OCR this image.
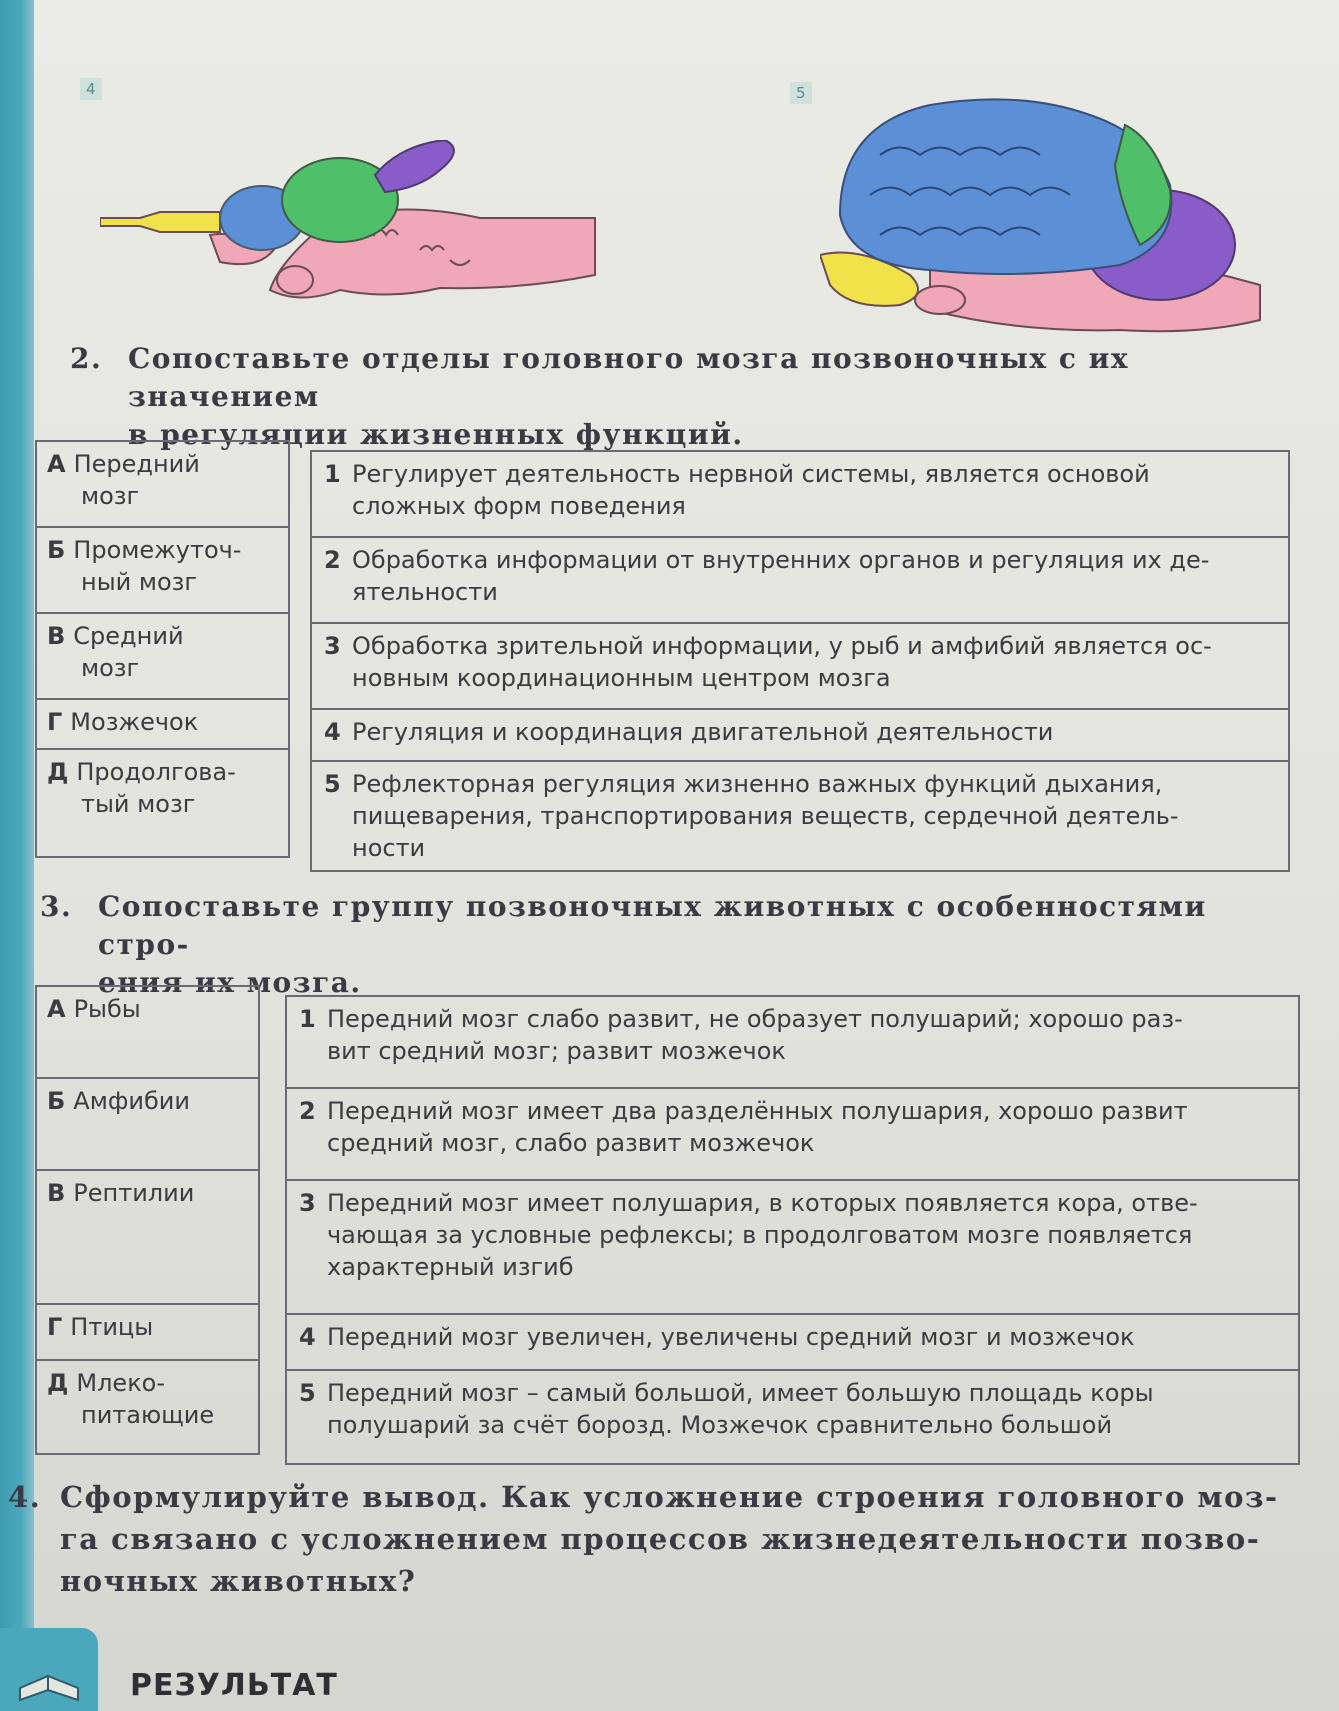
4	5
2. Сопоставьте отделы головного мозга позвоночных с их значением
в регуляции жизненных функций.
А Передний
мозг
Б Промежуточ-
ный мозг
В Средний
мозг
Г Мозжечок
Д Продолгова-
тый мозг
1 Регулирует деятельность нервной системы, является основой
сложных форм поведения
2 Обработка информации от внутренних органов и регуляция их де-
ятельности
3 Обработка зрительной информации, у рыб и амфибий является ос-
новным координационным центром мозга
4 Регуляция и координация двигательной деятельности
5 Рефлекторная регуляция жизненно важных функций дыхания,
пищеварения, транспортирования веществ, сердечной деятель-
ности
3. Сопоставьте группу позвоночных животных с особенностями стро-
ения их мозга.
А Рыбы
Б Амфибии
В Рептилии
Г Птицы
Д Млеко-
питающие
1 Передний мозг слабо развит, не образует полушарий; хорошо раз-
вит средний мозг; развит мозжечок
2 Передний мозг имеет два разделённых полушария, хорошо развит
средний мозг, слабо развит мозжечок
3 Передний мозг имеет полушария, в которых появляется кора, отве-
чающая за условные рефлексы; в продолговатом мозге появляется
характерный изгиб
4 Передний мозг увеличен, увеличены средний мозг и мозжечок
5 Передний мозг – самый большой, имеет большую площадь коры
полушарий за счёт борозд. Мозжечок сравнительно большой
4. Сформулируйте вывод. Как усложнение строения головного моз-
га связано с усложнением процессов жизнедеятельности позво-
ночных животных?
РЕЗУЛЬТАТ
